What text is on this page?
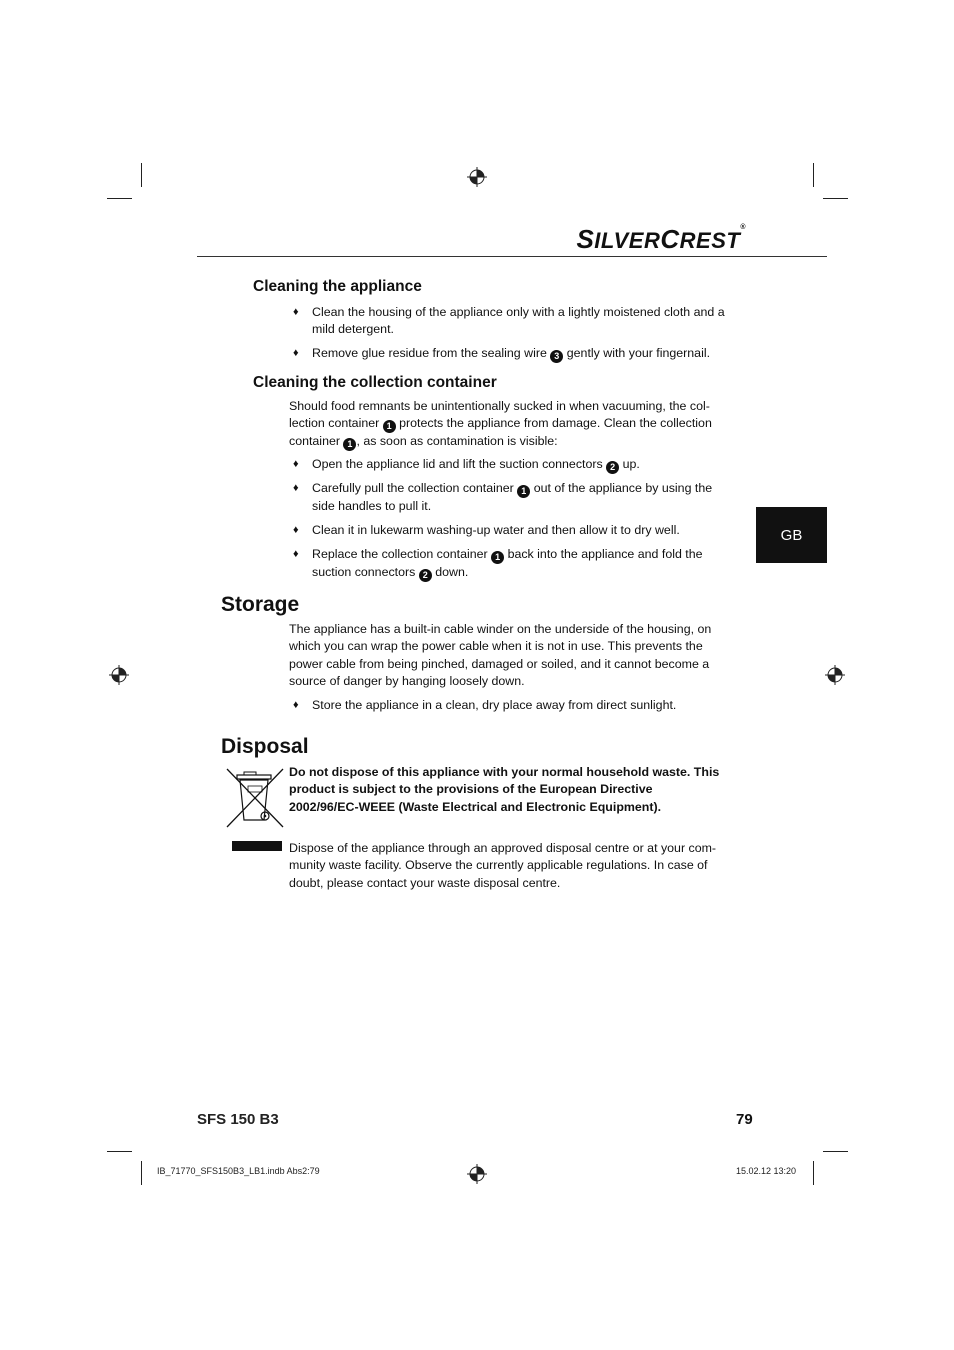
SILVERCREST®
GB
Cleaning the appliance
♦ Clean the housing of the appliance only with a lightly moistened cloth and a mild detergent.
♦ Remove glue residue from the sealing wire 3 gently with your fingernail.
Cleaning the collection container
Should food remnants be unintentionally sucked in when vacuuming, the col-
lection container 1 protects the appliance from damage. Clean the collection
container 1 , as soon as contamination is visible:
♦ Open the appliance lid and lift the suction connectors 2 up.
♦ Carefully pull the collection container 1 out of the appliance by using the side handles to pull it.
♦ Clean it in lukewarm washing-up water and then allow it to dry well.
♦ Replace the collection container 1 back into the appliance and fold the suction connectors 2 down.
Storage
The appliance has a built-in cable winder on the underside of the housing, on which you can wrap the power cable when it is not in use. This prevents the power cable from being pinched, damaged or soiled, and it cannot become a source of danger by hanging loosely down.
♦ Store the appliance in a clean, dry place away from direct sunlight.
Disposal
Do not dispose of this appliance with your normal household waste. This product is subject to the provisions of the European Directive 2002/96/EC-WEEE (Waste Electrical and Electronic Equipment).
Dispose of the appliance through an approved disposal centre or at your com-munity waste facility. Observe the currently applicable regulations. In case of doubt, please contact your waste disposal centre.
SFS 150 B3	79
IB_71770_SFS150B3_LB1.indb Abs2:79	15.02.12 13:20
